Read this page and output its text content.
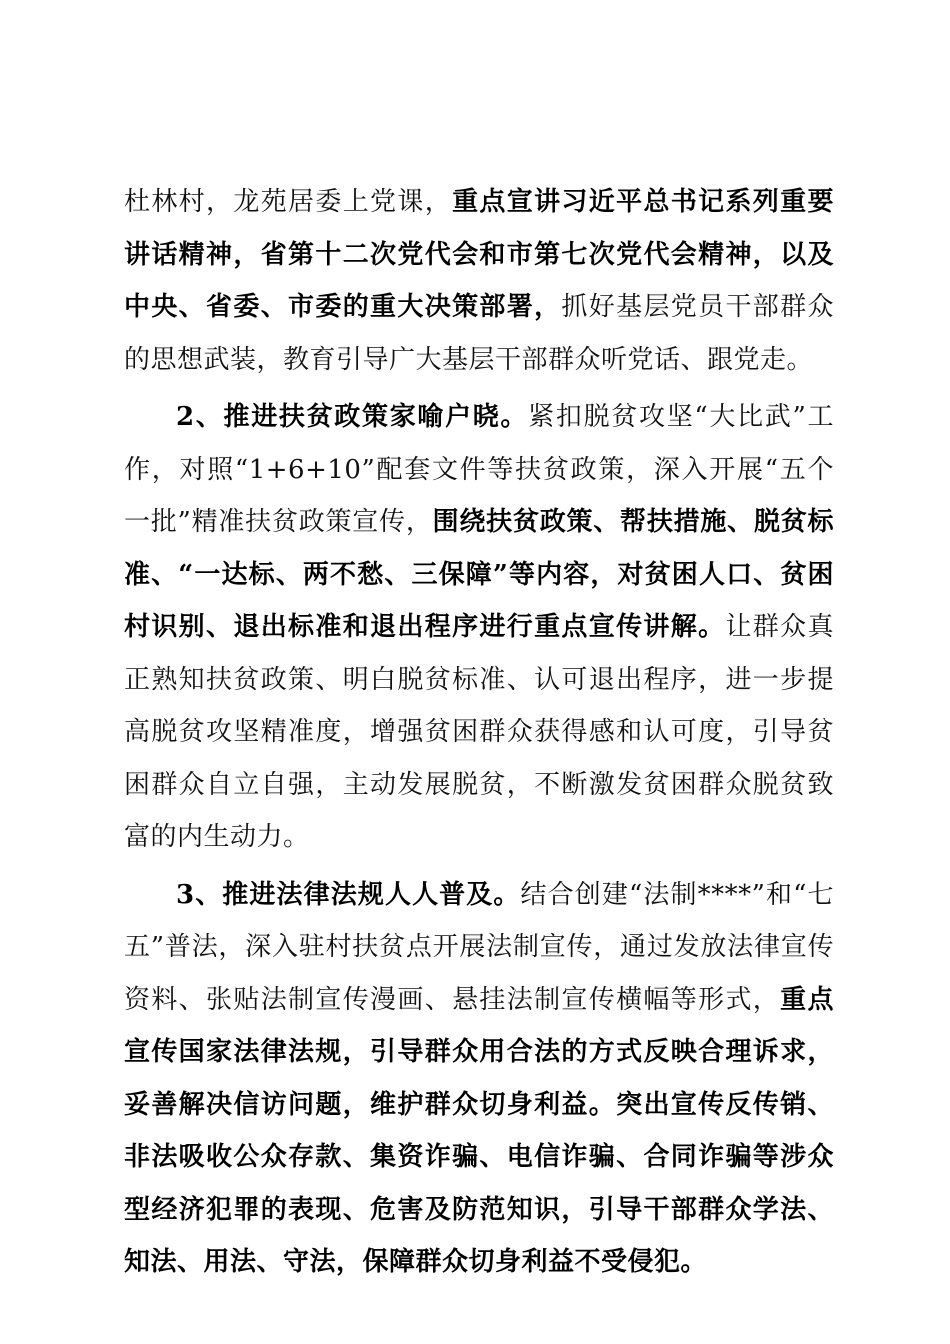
杜林村，龙苑居委上党课，重点宣讲习近平总书记系列重要讲话精神，省第十二次党代会和市第七次党代会精神，以及中央、省委、市委的重大决策部署，抓好基层党员干部群众的思想武装，教育引导广大基层干部群众听党话、跟党走。

2、推进扶贫政策家喻户晓。紧扣脱贫攻坚“大比武”工作，对照“1+6+10”配套文件等扶贫政策，深入开展“五个一批”精准扶贫政策宣传，围绕扶贫政策、帮扶措施、脱贫标准、“一达标、两不愁、三保障”等内容，对贫困人口、贫困村识别、退出标准和退出程序进行重点宣传讲解。让群众真正熟知扶贫政策、明白脱贫标准、认可退出程序，进一步提高脱贫攻坚精准度，增强贫困群众获得感和认可度，引导贫困群众自立自强，主动发展脱贫，不断激发贫困群众脱贫致富的内生动力。

3、推进法律法规人人普及。结合创建“法制****”和“七五”普法，深入驻村扶贫点开展法制宣传，通过发放法律宣传资料、张贴法制宣传漫画、悬挂法制宣传横幅等形式，重点宣传国家法律法规，引导群众用合法的方式反映合理诉求，妥善解决信访问题，维护群众切身利益。突出宣传反传销、非法吸收公众存款、集资诈骗、电信诈骗、合同诈骗等涉众型经济犯罪的表现、危害及防范知识，引导干部群众学法、知法、用法、守法，保障群众切身利益不受侵犯。
